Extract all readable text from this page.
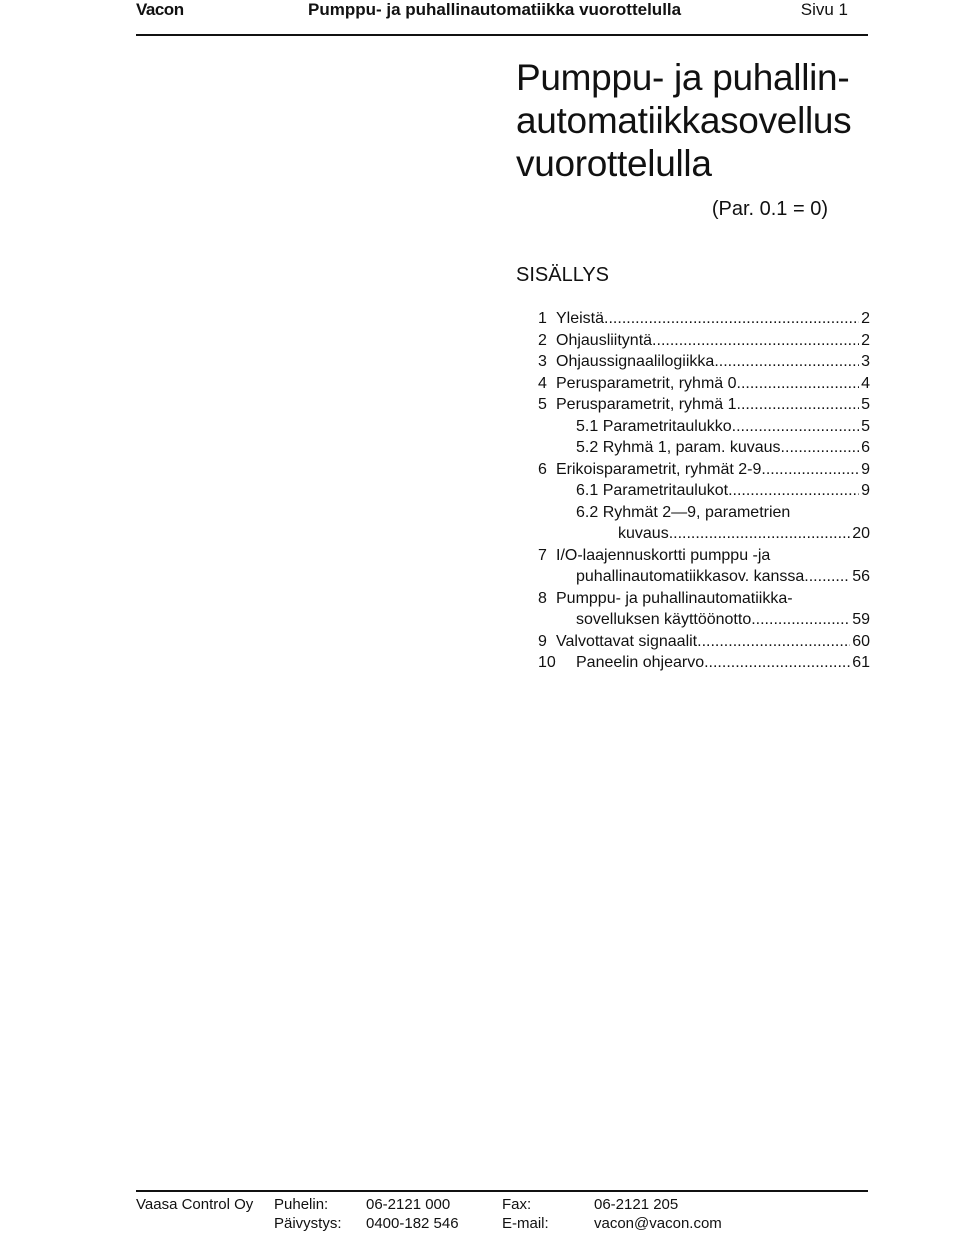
Vacon	Pumppu- ja puhallinautomatiikka vuorottelulla	Sivu 1
Pumppu- ja puhallin-
automatiikkasovellus
vuorottelulla
(Par. 0.1 = 0)
SISÄLLYS
1 Yleistä .....	2
2 Ohjausliityntä .....	2
3 Ohjaussignaalilogiikka .....	3
4 Perusparametrit, ryhmä 0 .....	4
5 Perusparametrit, ryhmä 1 .....	5
5.1 Parametritaulukko .....	5
5.2 Ryhmä 1, param. kuvaus .....	6
6 Erikoisparametrit, ryhmät 2-9 .....	9
6.1 Parametritaulukot .....	9
6.2 Ryhmät 2—9, parametrien
kuvaus. .....	20
7 I/O-laajennuskortti pumppu -ja
puhallinautomatiikkasov. kanssa .....	56
8 Pumppu- ja puhallinautomatiikka-
sovelluksen käyttöönotto .....	59
9 Valvottavat signaalit .....	60
10	Paneelin ohjearvo .....	61
Vaasa Control Oy Puhelin:	06-2121 000	Fax:	06-2121 205
Päivystys: 0400-182 546	E-mail:	vacon@vacon.com
